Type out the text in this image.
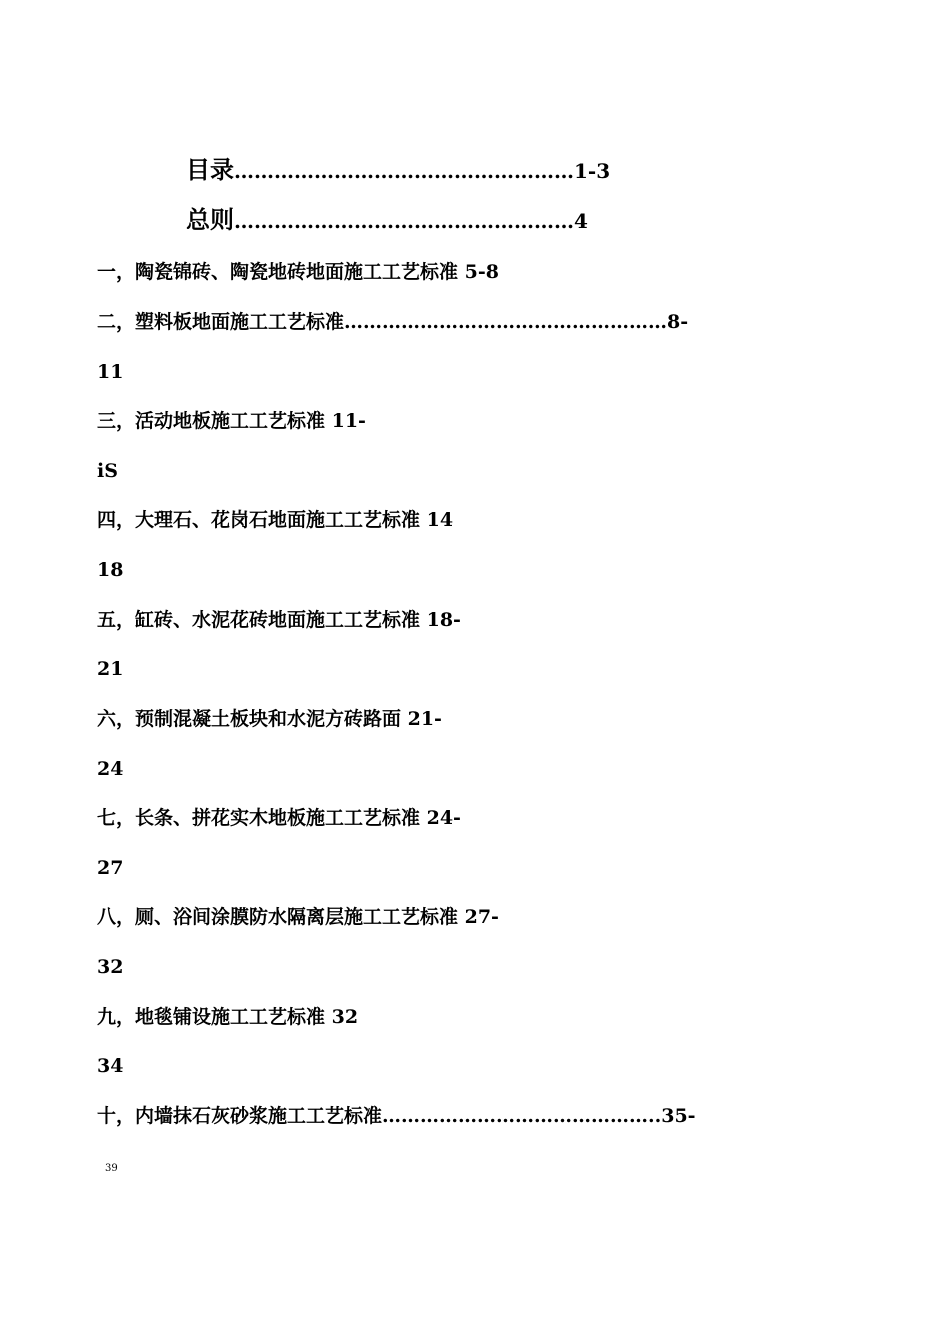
目录……………………………………………1-3
总则……………………………………………4
一，陶瓷锦砖、陶瓷地砖地面施工工艺标准 5-8
二，塑料板地面施工工艺标准……………………………………………8-
11
三，活动地板施工工艺标准 11-
iS
四，大理石、花岗石地面施工工艺标准 14
18
五，缸砖、水泥花砖地面施工工艺标准 18-
21
六，预制混凝土板块和水泥方砖路面 21-
24
七，长条、拼花实木地板施工工艺标准 24-
27
八，厕、浴间涂膜防水隔离层施工工艺标准 27-
32
九，地毯铺设施工工艺标准 32
34
十，内墙抹石灰砂浆施工工艺标准……………………………………..35-
39
